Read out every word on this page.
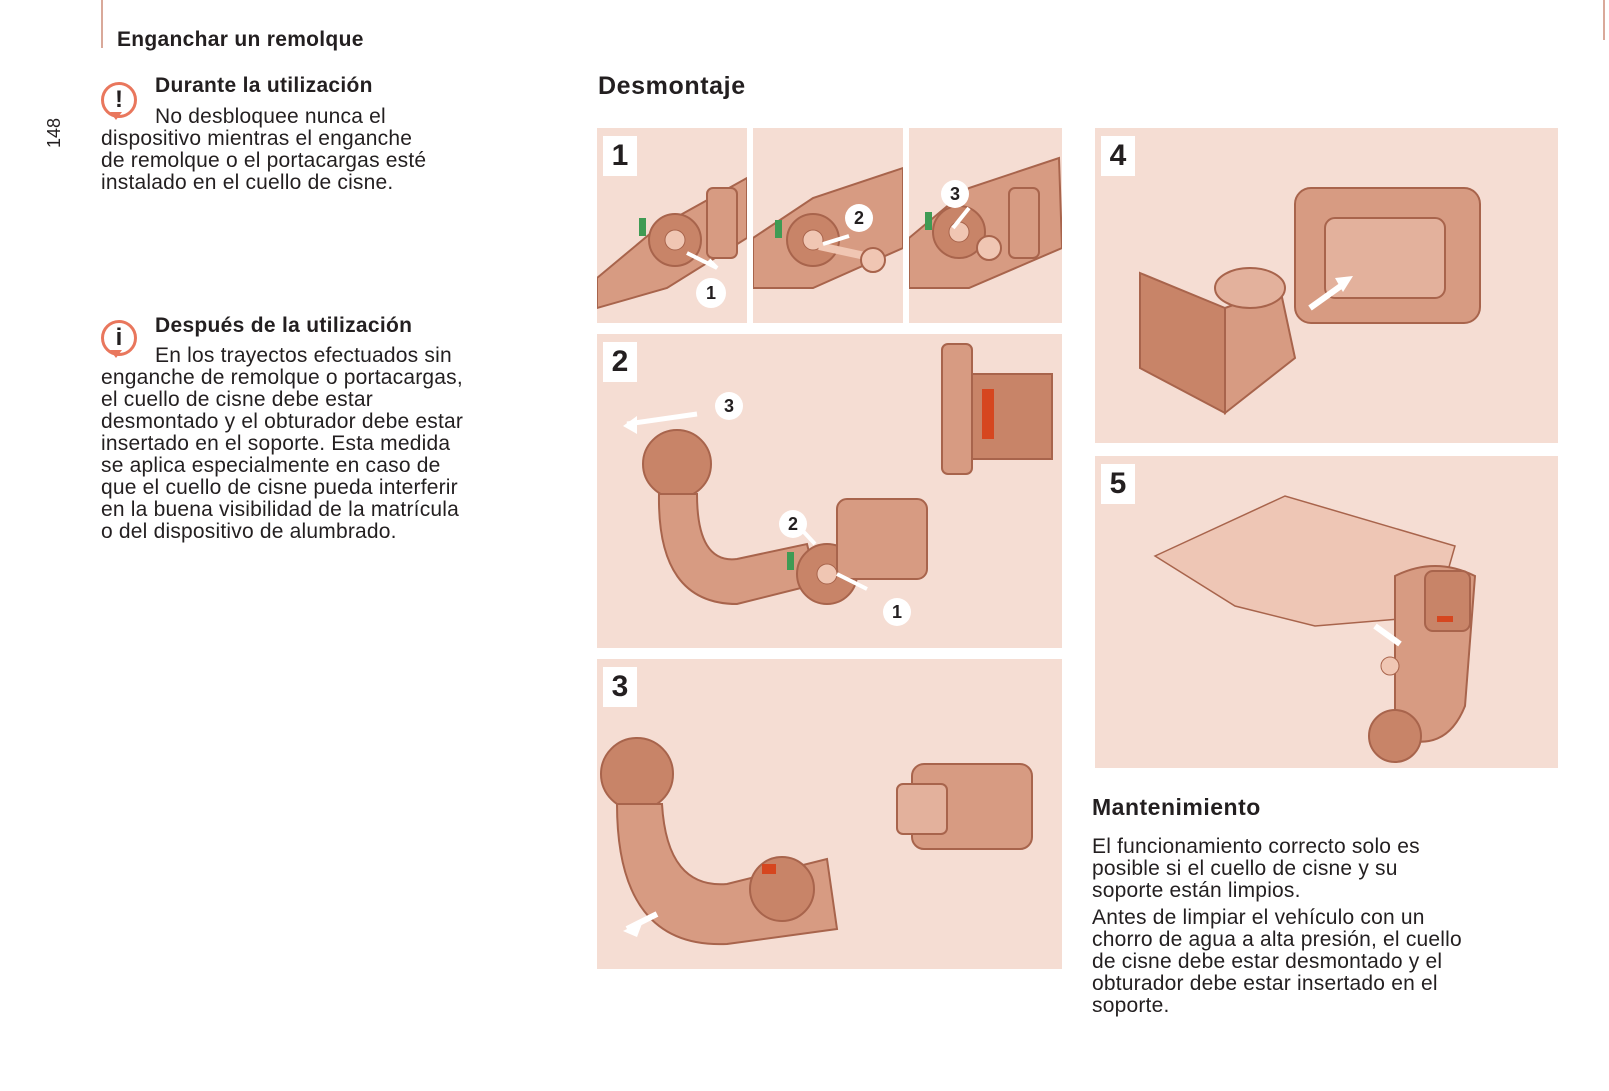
Enganchar un remolque
148
!
Durante la utilización
No desbloquee nunca el
dispositivo mientras el enganche
de remolque o el portacargas esté
instalado en el cuello de cisne.
i Después de la utilización
En los trayectos efectuados sin
enganche de remolque o portacargas,
el cuello de cisne debe estar
desmontado y el obturador debe estar
insertado en el soporte. Esta medida
se aplica especialmente en caso de
que el cuello de cisne pueda interferir
en la buena visibilidad de la matrícula
o del dispositivo de alumbrado.
Desmontaje
1
1
2
3
2
3
2
1
3
4
5
Mantenimiento
El funcionamiento correcto solo es
posible si el cuello de cisne y su
soporte están limpios.
Antes de limpiar el vehículo con un
chorro de agua a alta presión, el cuello
de cisne debe estar desmontado y el
obturador debe estar insertado en el
soporte.
